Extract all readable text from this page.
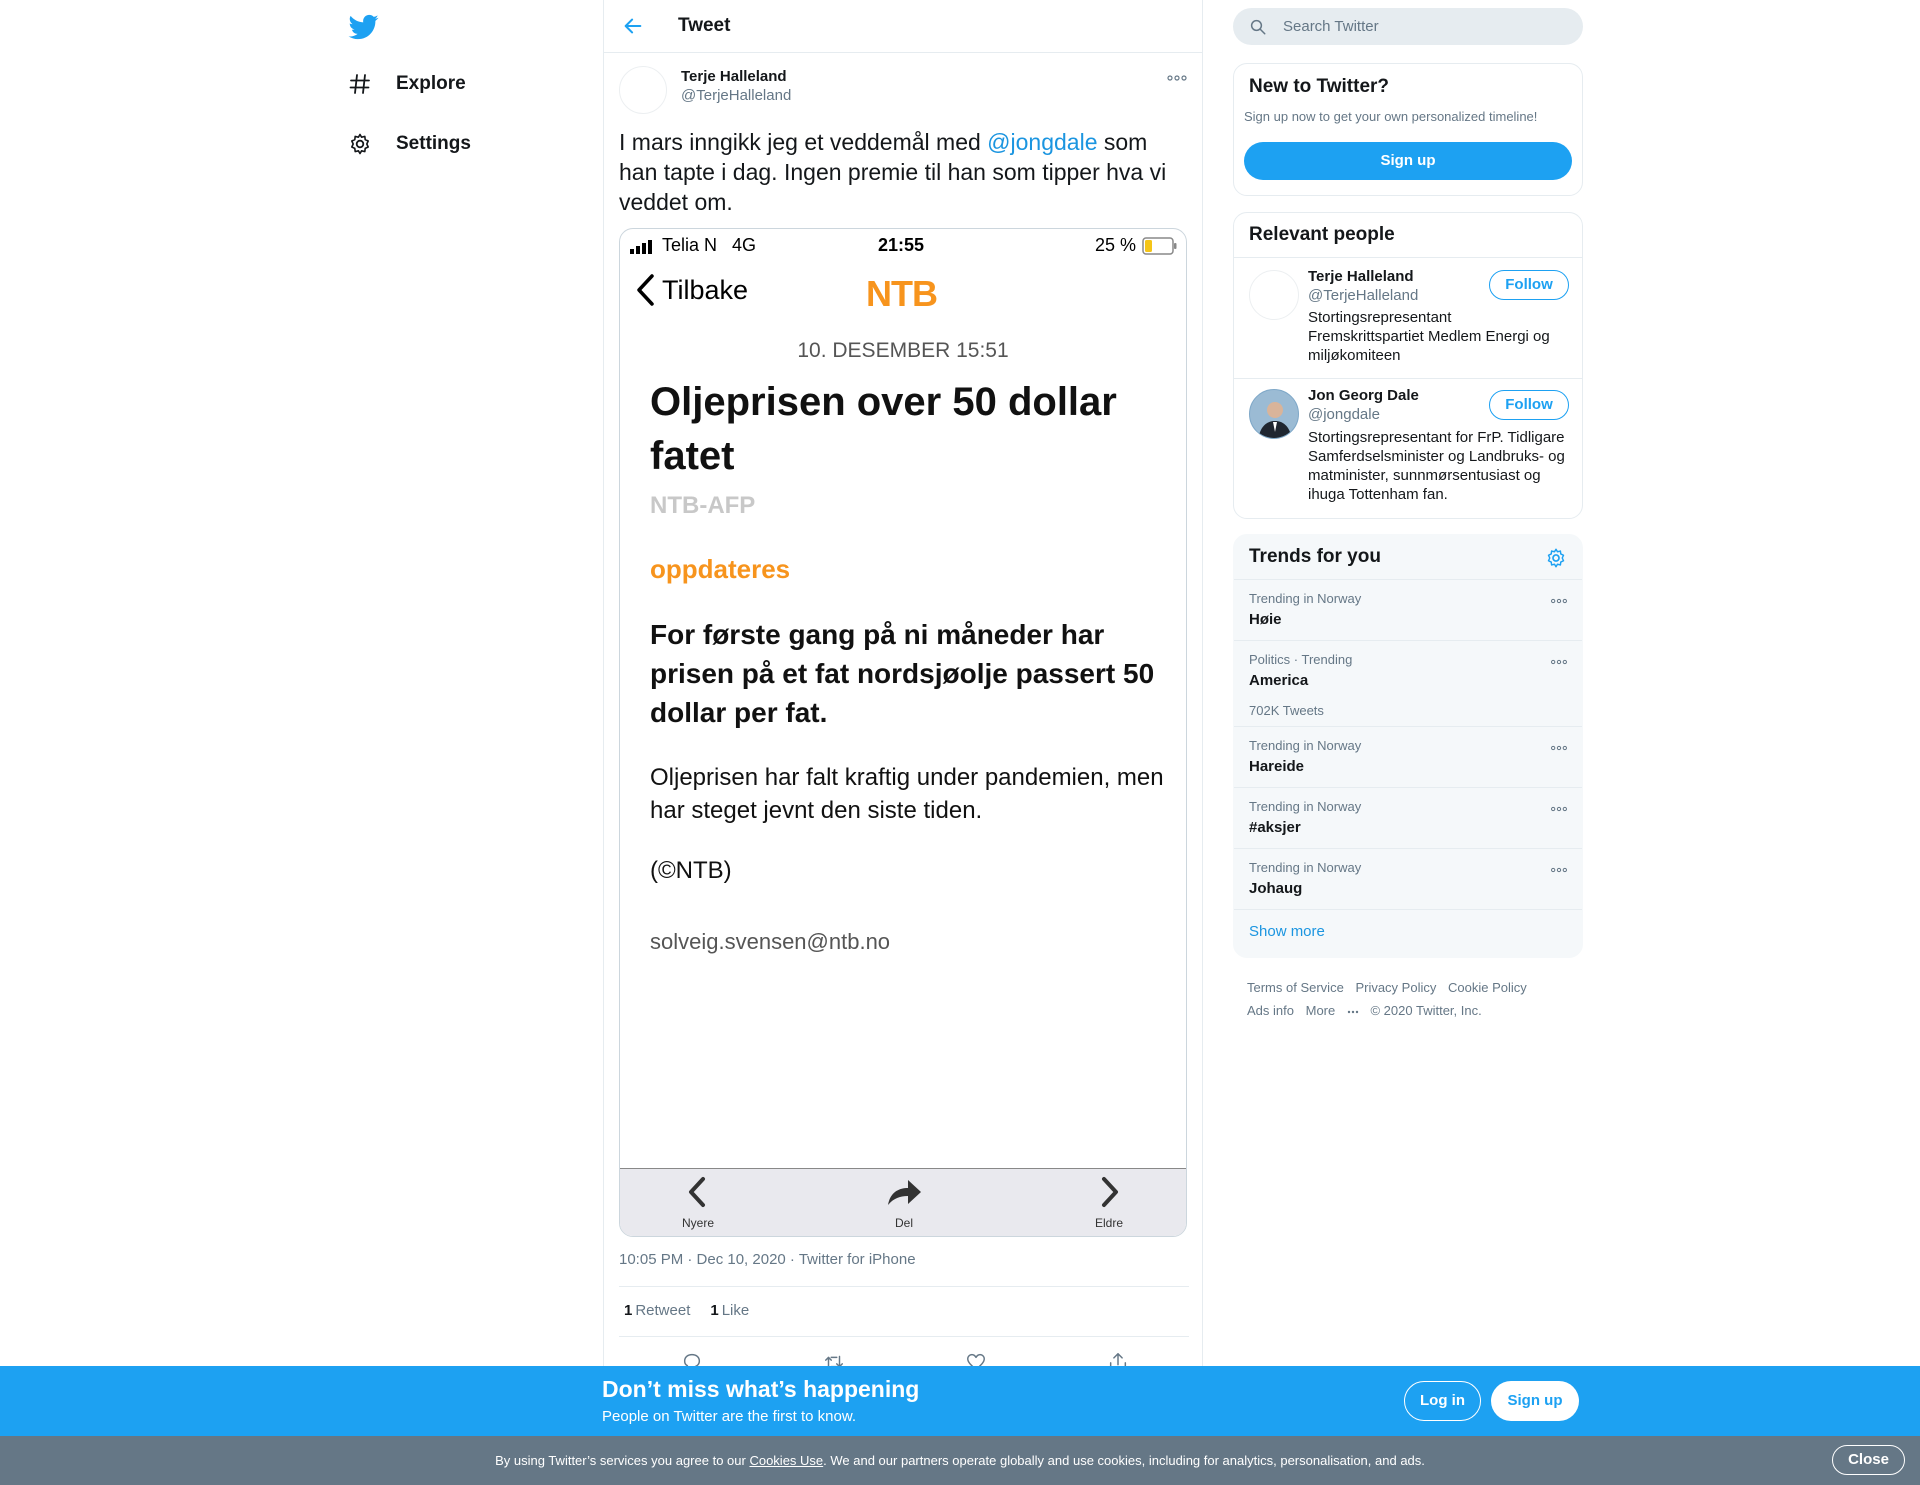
Explore
Settings
Tweet
Terje Halleland
@TerjeHalleland
I mars inngikk jeg et veddemål med @jongdale som han tapte i dag. Ingen premie til han som tipper hva vi veddet om.
Telia N 4G	21:55	25 %
Tilbake	NTB
10. DESEMBER 15:51
Oljeprisen over 50 dollar fatet
NTB-AFP
oppdateres
For første gang på ni måneder har prisen på et fat nordsjøolje passert 50 dollar per fat.
Oljeprisen har falt kraftig under pandemien, men har steget jevnt den siste tiden.
(©NTB)
solveig.svensen@ntb.no
Nyere	Del	Eldre
10:05 PM · Dec 10, 2020 · Twitter for iPhone
1 Retweet 1 Like
Search Twitter
New to Twitter?
Sign up now to get your own personalized timeline!
Sign up
Relevant people
Terje Halleland
@TerjeHalleland
Follow
Stortingsrepresentant Fremskrittspartiet Medlem Energi og miljøkomiteen
Jon Georg Dale
@jongdale
Follow
Stortingsrepresentant for FrP. Tidligare Samferdselsminister og Landbruks- og matminister, sunnmørsentusiast og ihuga Tottenham fan.
Trends for you
Trending in Norway
Høie
Politics · Trending
America
702K Tweets
Trending in Norway
Hareide
Trending in Norway
#aksjer
Trending in Norway
Johaug
Show more
Terms of Service Privacy Policy Cookie Policy
Ads info More	© 2020 Twitter, Inc.
Don’t miss what’s happening
People on Twitter are the first to know.
Log in	Sign up
By using Twitter’s services you agree to our Cookies Use. We and our partners operate globally and use cookies, including for analytics, personalisation, and ads.	Close
